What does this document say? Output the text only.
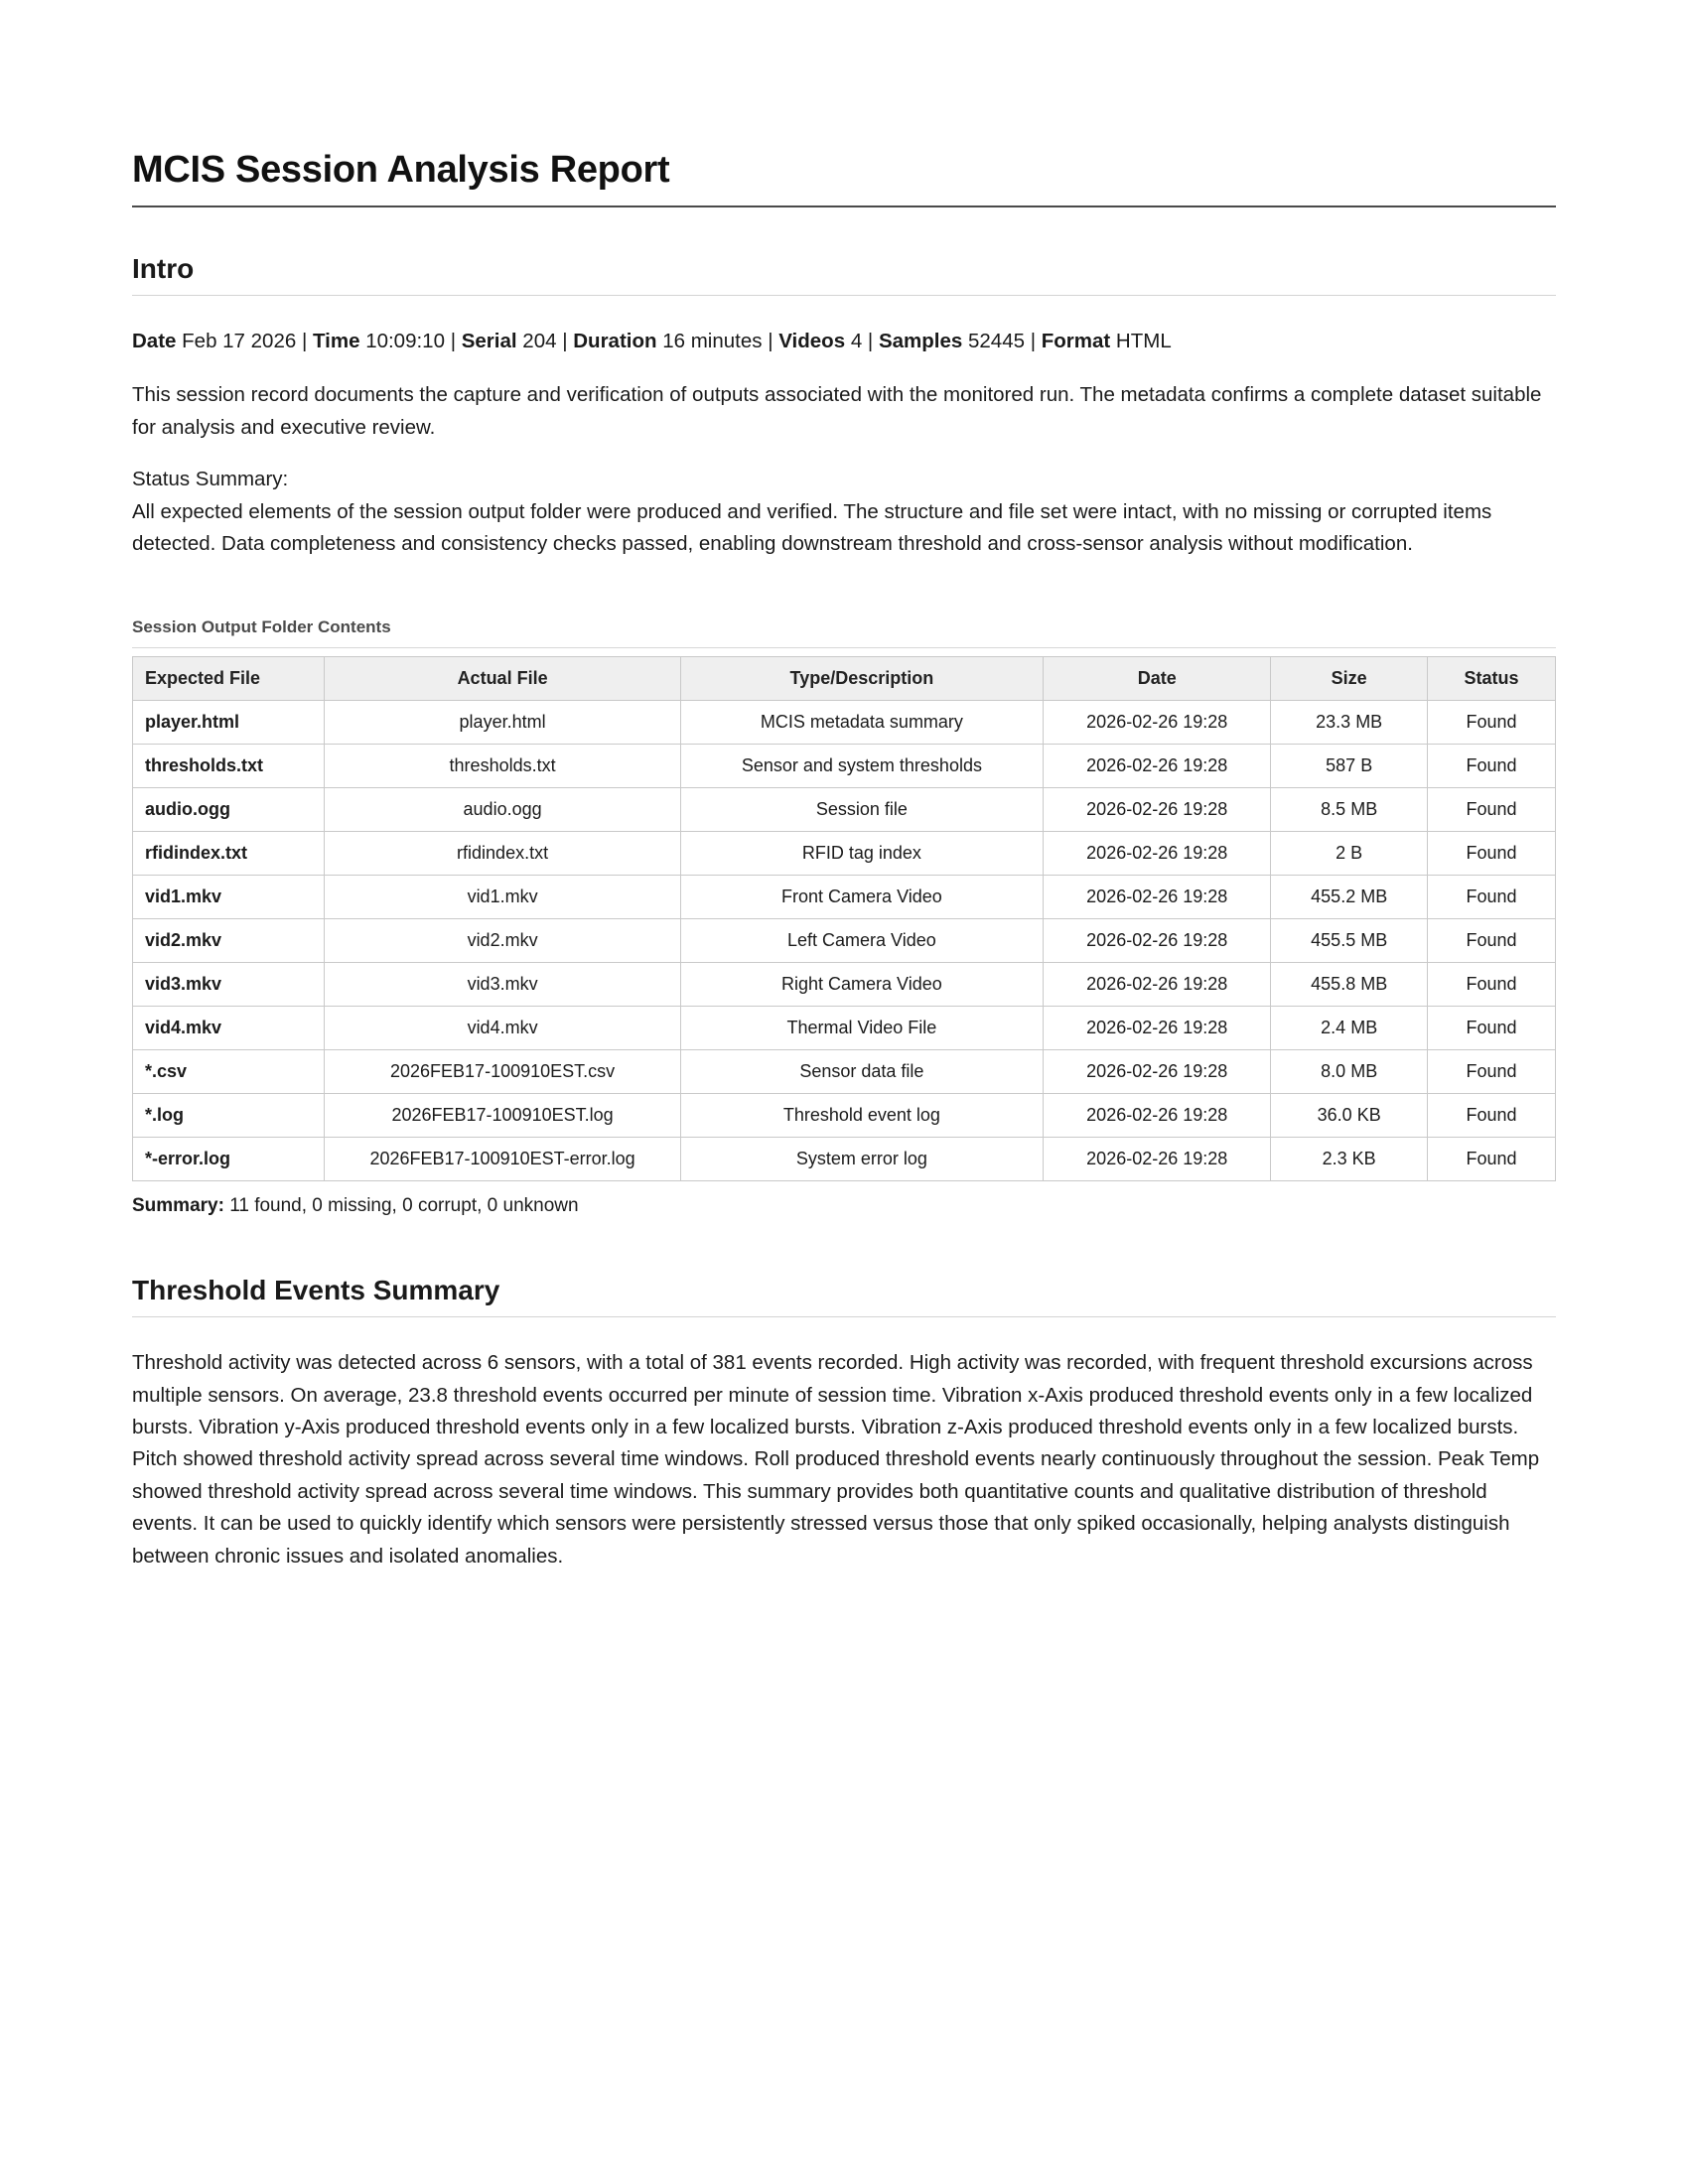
MCIS Session Analysis Report
Intro

Date Feb 17 2026 | Time 10:09:10 | Serial 204 | Duration 16 minutes | Videos 4 | Samples 52445 | Format HTML

This session record documents the capture and verification of outputs associated with the monitored run. The metadata confirms a complete dataset suitable for analysis and executive review.

Status Summary:

All expected elements of the session output folder were produced and verified. The structure and file set were intact, with no missing or corrupted items detected. Data completeness and consistency checks passed, enabling downstream threshold and cross-sensor analysis without modification.

Session Output Folder Contents
Expected File	Actual File	Type/Description	Date	Size	Status
player.html	player.html	MCIS metadata summary	2026-02-26 19:28	23.3 MB	Found
thresholds.txt	thresholds.txt	Sensor and system thresholds	2026-02-26 19:28	587 B	Found
audio.ogg	audio.ogg	Session file	2026-02-26 19:28	8.5 MB	Found
rfidindex.txt	rfidindex.txt	RFID tag index	2026-02-26 19:28	2 B	Found
vid1.mkv	vid1.mkv	Front Camera Video	2026-02-26 19:28	455.2 MB	Found
vid2.mkv	vid2.mkv	Left Camera Video	2026-02-26 19:28	455.5 MB	Found
vid3.mkv	vid3.mkv	Right Camera Video	2026-02-26 19:28	455.8 MB	Found
vid4.mkv	vid4.mkv	Thermal Video File	2026-02-26 19:28	2.4 MB	Found
*.csv	2026FEB17-100910EST.csv	Sensor data file	2026-02-26 19:28	8.0 MB	Found
*.log	2026FEB17-100910EST.log	Threshold event log	2026-02-26 19:28	36.0 KB	Found
*-error.log	2026FEB17-100910EST-error.log	System error log	2026-02-26 19:28	2.3 KB	Found

Summary: 11 found, 0 missing, 0 corrupt, 0 unknown

Threshold Events Summary

Threshold activity was detected across 6 sensors, with a total of 381 events recorded. High activity was recorded, with frequent threshold excursions across multiple sensors. On average, 23.8 threshold events occurred per minute of session time. Vibration x-Axis produced threshold events only in a few localized bursts. Vibration y-Axis produced threshold events only in a few localized bursts. Vibration z-Axis produced threshold events only in a few localized bursts. Pitch showed threshold activity spread across several time windows. Roll produced threshold events nearly continuously throughout the session. Peak Temp showed threshold activity spread across several time windows. This summary provides both quantitative counts and qualitative distribution of threshold events. It can be used to quickly identify which sensors were persistently stressed versus those that only spiked occasionally, helping analysts distinguish between chronic issues and isolated anomalies.
